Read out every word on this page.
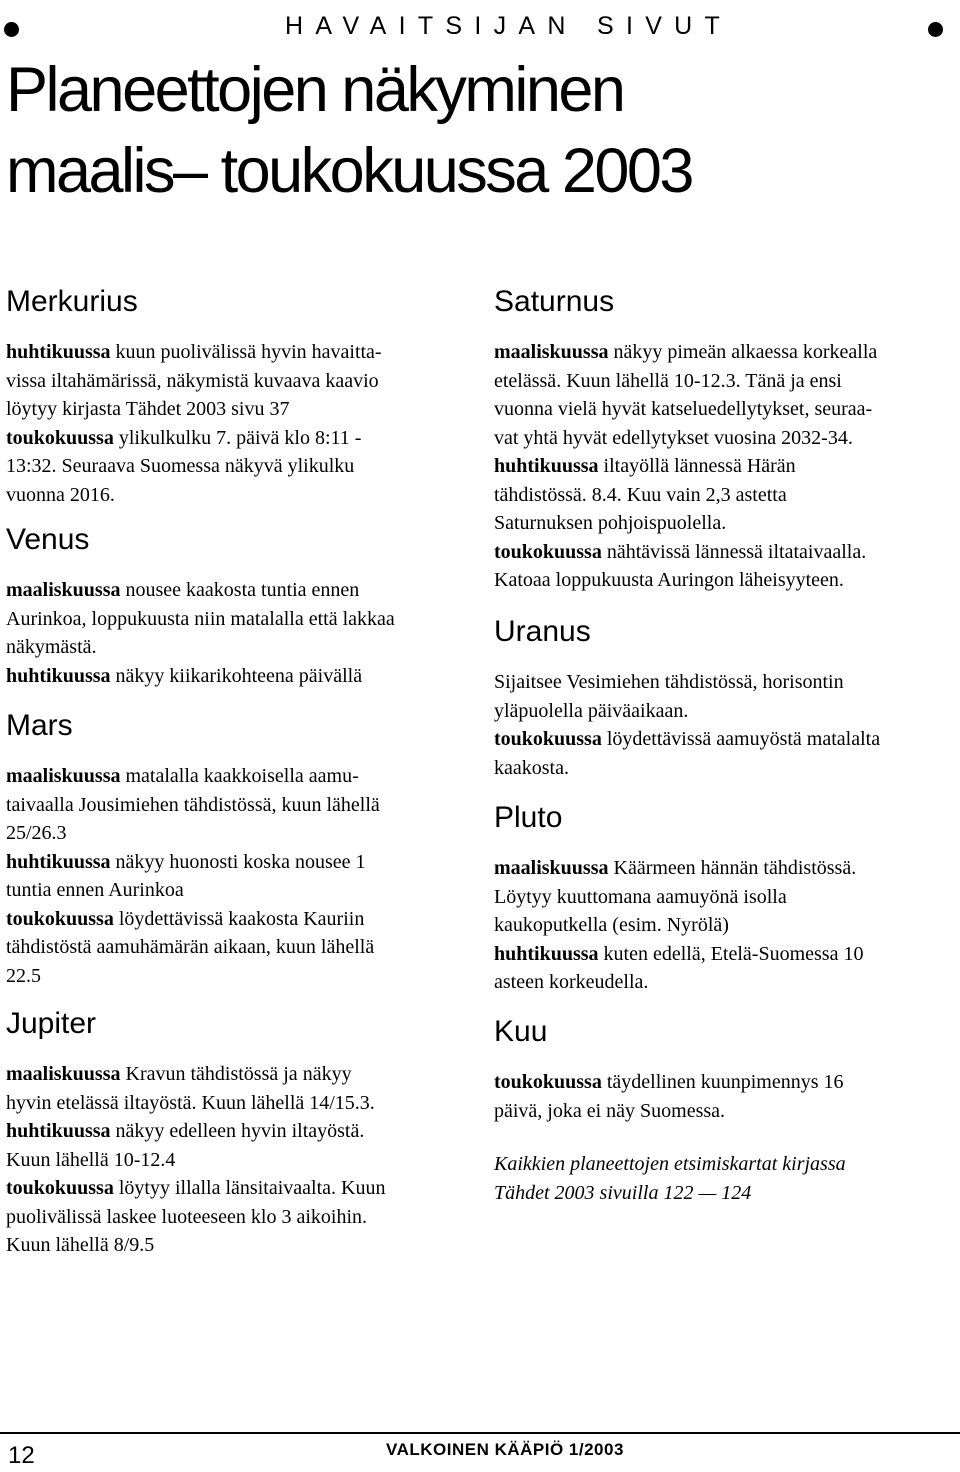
HAVAITSIJAN SIVUT
Planeettojen näkyminen
maalis– toukokuussa 2003
Merkurius

huhtikuussa kuun puolivälissä hyvin havaitta-

vissa iltahämärissä, näkymistä kuvaava kaavio

löytyy kirjasta Tähdet 2003 sivu 37

toukokuussa ylikulkulku 7. päivä klo 8:11 -

13:32. Seuraava Suomessa näkyvä ylikulku

vuonna 2016.

Venus

maaliskuussa nousee kaakosta tuntia ennen

Aurinkoa, loppukuusta niin matalalla että lakkaa

näkymästä.

huhtikuussa näkyy kiikarikohteena päivällä

Mars

maaliskuussa matalalla kaakkoisella aamu-

taivaalla Jousimiehen tähdistössä, kuun lähellä

25/26.3

huhtikuussa näkyy huonosti koska nousee 1

tuntia ennen Aurinkoa

toukokuussa löydettävissä kaakosta Kauriin

tähdistöstä aamuhämärän aikaan, kuun lähellä

22.5

Jupiter

maaliskuussa Kravun tähdistössä ja näkyy

hyvin etelässä iltayöstä. Kuun lähellä 14/15.3.

huhtikuussa näkyy edelleen hyvin iltayöstä.

Kuun lähellä 10-12.4

toukokuussa löytyy illalla länsitaivaalta. Kuun

puolivälissä laskee luoteeseen klo 3 aikoihin.

Kuun lähellä 8/9.5

Saturnus

maaliskuussa näkyy pimeän alkaessa korkealla

etelässä. Kuun lähellä 10-12.3. Tänä ja ensi

vuonna vielä hyvät katseluedellytykset, seuraa-

vat yhtä hyvät edellytykset vuosina 2032-34.

huhtikuussa iltayöllä lännessä Härän

tähdistössä. 8.4. Kuu vain 2,3 astetta

Saturnuksen pohjoispuolella.

toukokuussa nähtävissä lännessä iltataivaalla.

Katoaa loppukuusta Auringon läheisyyteen.

Uranus

Sijaitsee Vesimiehen tähdistössä, horisontin

yläpuolella päiväaikaan.

toukokuussa löydettävissä aamuyöstä matalalta

kaakosta.

Pluto

maaliskuussa Käärmeen hännän tähdistössä.

Löytyy kuuttomana aamuyönä isolla

kaukoputkella (esim. Nyrölä)

huhtikuussa kuten edellä, Etelä-Suomessa 10

asteen korkeudella.

Kuu

toukokuussa täydellinen kuunpimennys 16

päivä, joka ei näy Suomessa.

Kaikkien planeettojen etsimiskartat kirjassa
Tähdet 2003 sivuilla 122 — 124

12	VALKOINEN KÄÄPIÖ 1/2003
